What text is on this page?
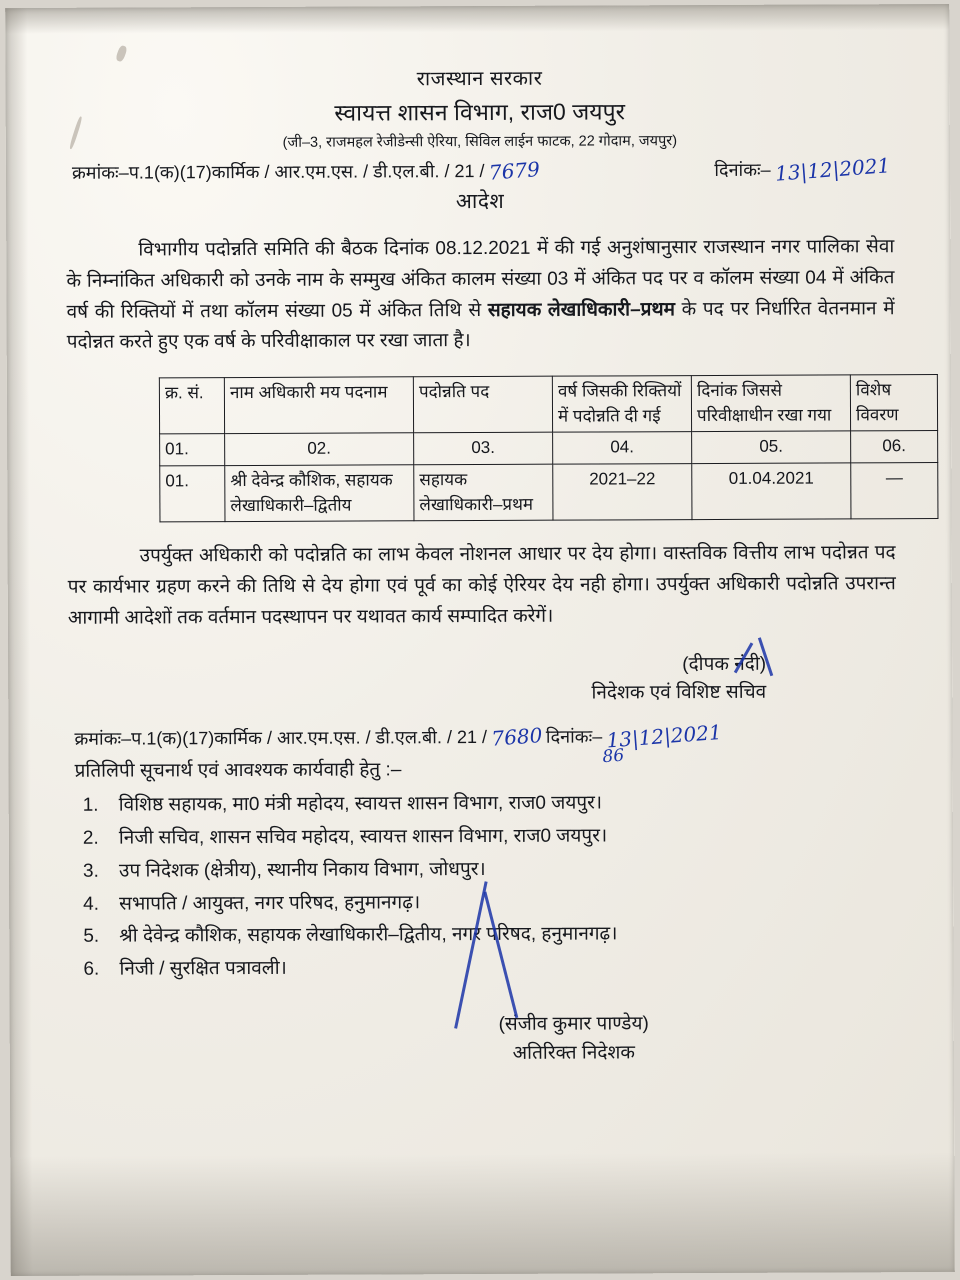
राजस्थान सरकार
स्वायत्त शासन विभाग, राज0 जयपुर
(जी–3, राजमहल रेजीडेन्सी ऐरिया, सिविल लाईन फाटक, 22 गोदाम, जयपुर)
क्रमांकः–प.1(क)(17)कार्मिक / आर.एम.एस. / डी.एल.बी. / 21 / 7679	दिनांकः– 13|12|2021
आदेश

विभागीय पदोन्नति समिति की बैठक दिनांक 08.12.2021 में की गई अनुशंषानुसार राजस्थान नगर पालिका सेवा के निम्नांकित अधिकारी को उनके नाम के सम्मुख अंकित कालम संख्या 03 में अंकित पद पर व कॉलम संख्या 04 में अंकित वर्ष की रिक्तियों में तथा कॉलम संख्या 05 में अंकित तिथि से सहायक लेखाधिकारी–प्रथम के पद पर निर्धारित वेतनमान में पदोन्नत करते हुए एक वर्ष के परिवीक्षाकाल पर रखा जाता है।

क्र. सं.	नाम अधिकारी मय पदनाम	पदोन्नति पद	वर्ष जिसकी रिक्तियों में पदोन्नति दी गई	दिनांक जिससे परिवीक्षाधीन रखा गया	विशेष विवरण
01.	02.	03.	04.	05.	06.
01.	श्री देवेन्द्र कौशिक, सहायक लेखाधिकारी–द्वितीय	सहायक लेखाधिकारी–प्रथम	2021–22	01.04.2021	—

उपर्युक्त अधिकारी को पदोन्नति का लाभ केवल नोशनल आधार पर देय होगा। वास्तविक वित्तीय लाभ पदोन्नत पद पर कार्यभार ग्रहण करने की तिथि से देय होगा एवं पूर्व का कोई ऐरियर देय नही होगा। उपर्युक्त अधिकारी पदोन्नति उपरान्त आगामी आदेशों तक वर्तमान पदस्थापन पर यथावत कार्य सम्पादित करेगें।

(दीपक नंदी)
निदेशक एवं विशिष्ट सचिव
क्रमांकः–प.1(क)(17)कार्मिक / आर.एम.एस. / डी.एल.बी. / 21 / 7680 दिनांकः– 13|12|2021
86
प्रतिलिपी सूचनार्थ एवं आवश्यक कार्यवाही हेतु :–
1.	विशिष्ठ सहायक, मा0 मंत्री महोदय, स्वायत्त शासन विभाग, राज0 जयपुर।
2.	निजी सचिव, शासन सचिव महोदय, स्वायत्त शासन विभाग, राज0 जयपुर।
3.	उप निदेशक (क्षेत्रीय), स्थानीय निकाय विभाग, जोधपुर।
4.	सभापति / आयुक्त, नगर परिषद, हनुमानगढ़।
5.	श्री देवेन्द्र कौशिक, सहायक लेखाधिकारी–द्वितीय, नगर परिषद, हनुमानगढ़।
6.	निजी / सुरक्षित पत्रावली।
(संजीव कुमार पाण्डेय)
अतिरिक्त निदेशक
